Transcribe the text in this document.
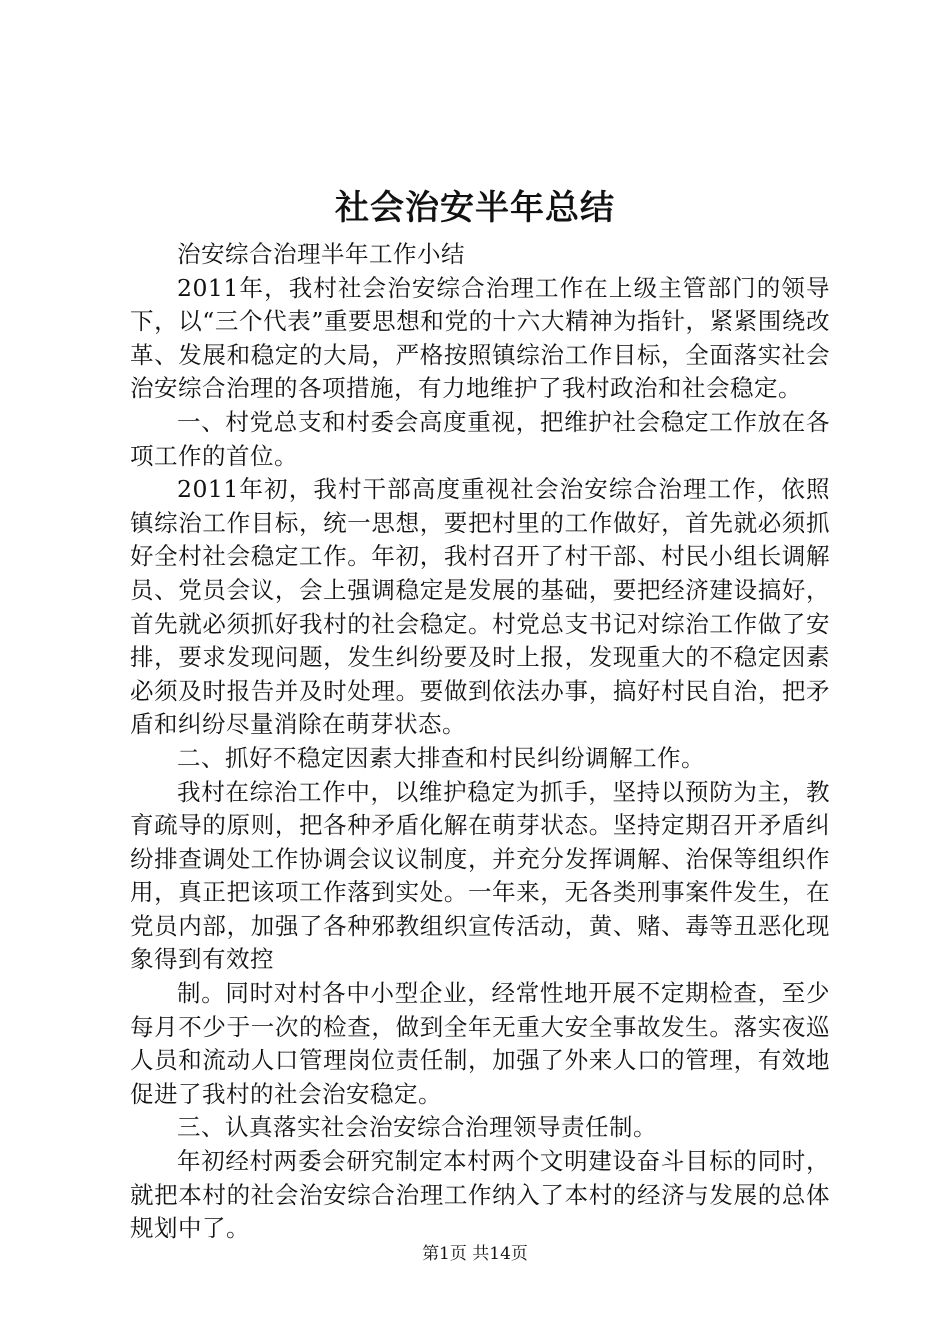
社会治安半年总结

治安综合治理半年工作小结

2011年，我村社会治安综合治理工作在上级主管部门的领导下，以“三个代表”重要思想和党的十六大精神为指针，紧紧围绕改革、发展和稳定的大局，严格按照镇综治工作目标，全面落实社会治安综合治理的各项措施，有力地维护了我村政治和社会稳定。

一、村党总支和村委会高度重视，把维护社会稳定工作放在各项工作的首位。

2011年初，我村干部高度重视社会治安综合治理工作，依照镇综治工作目标，统一思想，要把村里的工作做好，首先就必须抓好全村社会稳定工作。年初，我村召开了村干部、村民小组长调解员、党员会议，会上强调稳定是发展的基础，要把经济建设搞好，首先就必须抓好我村的社会稳定。村党总支书记对综治工作做了安排，要求发现问题，发生纠纷要及时上报，发现重大的不稳定因素必须及时报告并及时处理。要做到依法办事，搞好村民自治，把矛盾和纠纷尽量消除在萌芽状态。

二、抓好不稳定因素大排查和村民纠纷调解工作。

我村在综治工作中，以维护稳定为抓手，坚持以预防为主，教育疏导的原则，把各种矛盾化解在萌芽状态。坚持定期召开矛盾纠纷排查调处工作协调会议议制度，并充分发挥调解、治保等组织作用，真正把该项工作落到实处。一年来，无各类刑事案件发生，在党员内部，加强了各种邪教组织宣传活动，黄、赌、毒等丑恶化现象得到有效控

制。同时对村各中小型企业，经常性地开展不定期检查，至少每月不少于一次的检查，做到全年无重大安全事故发生。落实夜巡人员和流动人口管理岗位责任制，加强了外来人口的管理，有效地促进了我村的社会治安稳定。

三、认真落实社会治安综合治理领导责任制。

年初经村两委会研究制定本村两个文明建设奋斗目标的同时，就把本村的社会治安综合治理工作纳入了本村的经济与发展的总体规划中了。

第1页 共14页
